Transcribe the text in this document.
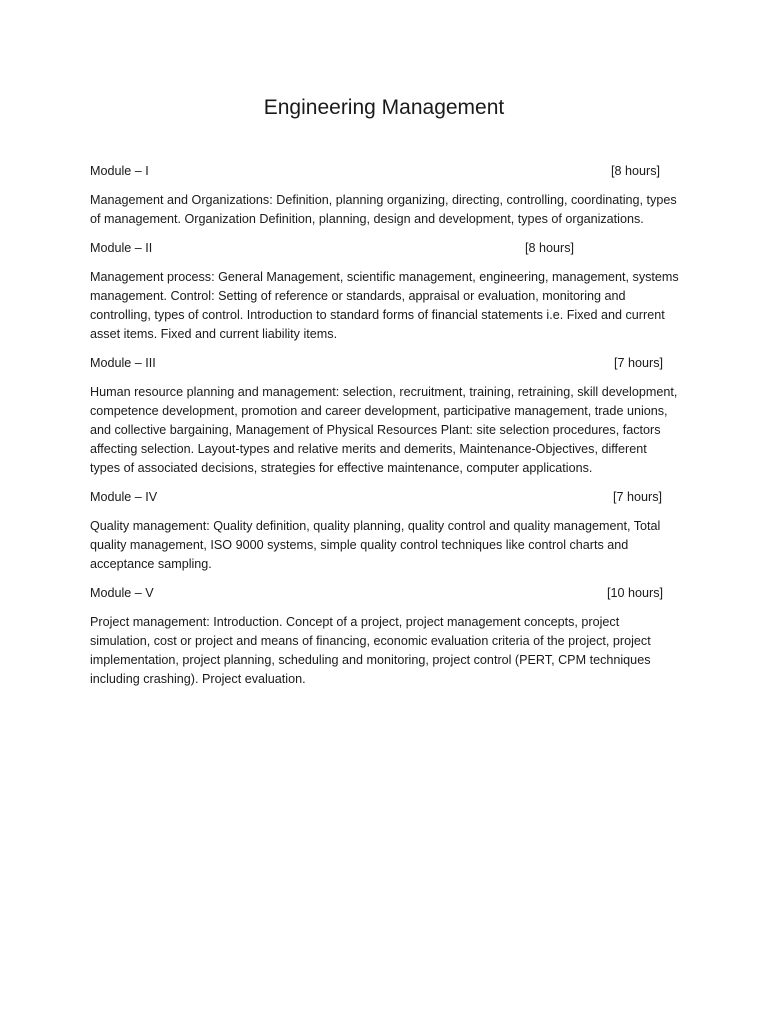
Engineering Management
Module – I	[8 hours]

Management and Organizations: Definition, planning organizing, directing, controlling, coordinating, types of management. Organization Definition, planning, design and development, types of organizations.

Module – II	[8 hours]

Management process: General Management, scientific management, engineering, management, systems management. Control: Setting of reference or standards, appraisal or evaluation, monitoring and controlling, types of control. Introduction to standard forms of financial statements i.e. Fixed and current asset items. Fixed and current liability items.

Module – III	[7 hours]

Human resource planning and management: selection, recruitment, training, retraining, skill development, competence development, promotion and career development, participative management, trade unions, and collective bargaining, Management of Physical Resources Plant: site selection procedures, factors affecting selection. Layout-types and relative merits and demerits, Maintenance-Objectives, different types of associated decisions, strategies for effective maintenance, computer applications.

Module – IV	[7 hours]

Quality management: Quality definition, quality planning, quality control and quality management, Total quality management, ISO 9000 systems, simple quality control techniques like control charts and acceptance sampling.

Module – V	[10 hours]

Project management: Introduction. Concept of a project, project management concepts, project simulation, cost or project and means of financing, economic evaluation criteria of the project, project implementation, project planning, scheduling and monitoring, project control (PERT, CPM techniques including crashing). Project evaluation.
